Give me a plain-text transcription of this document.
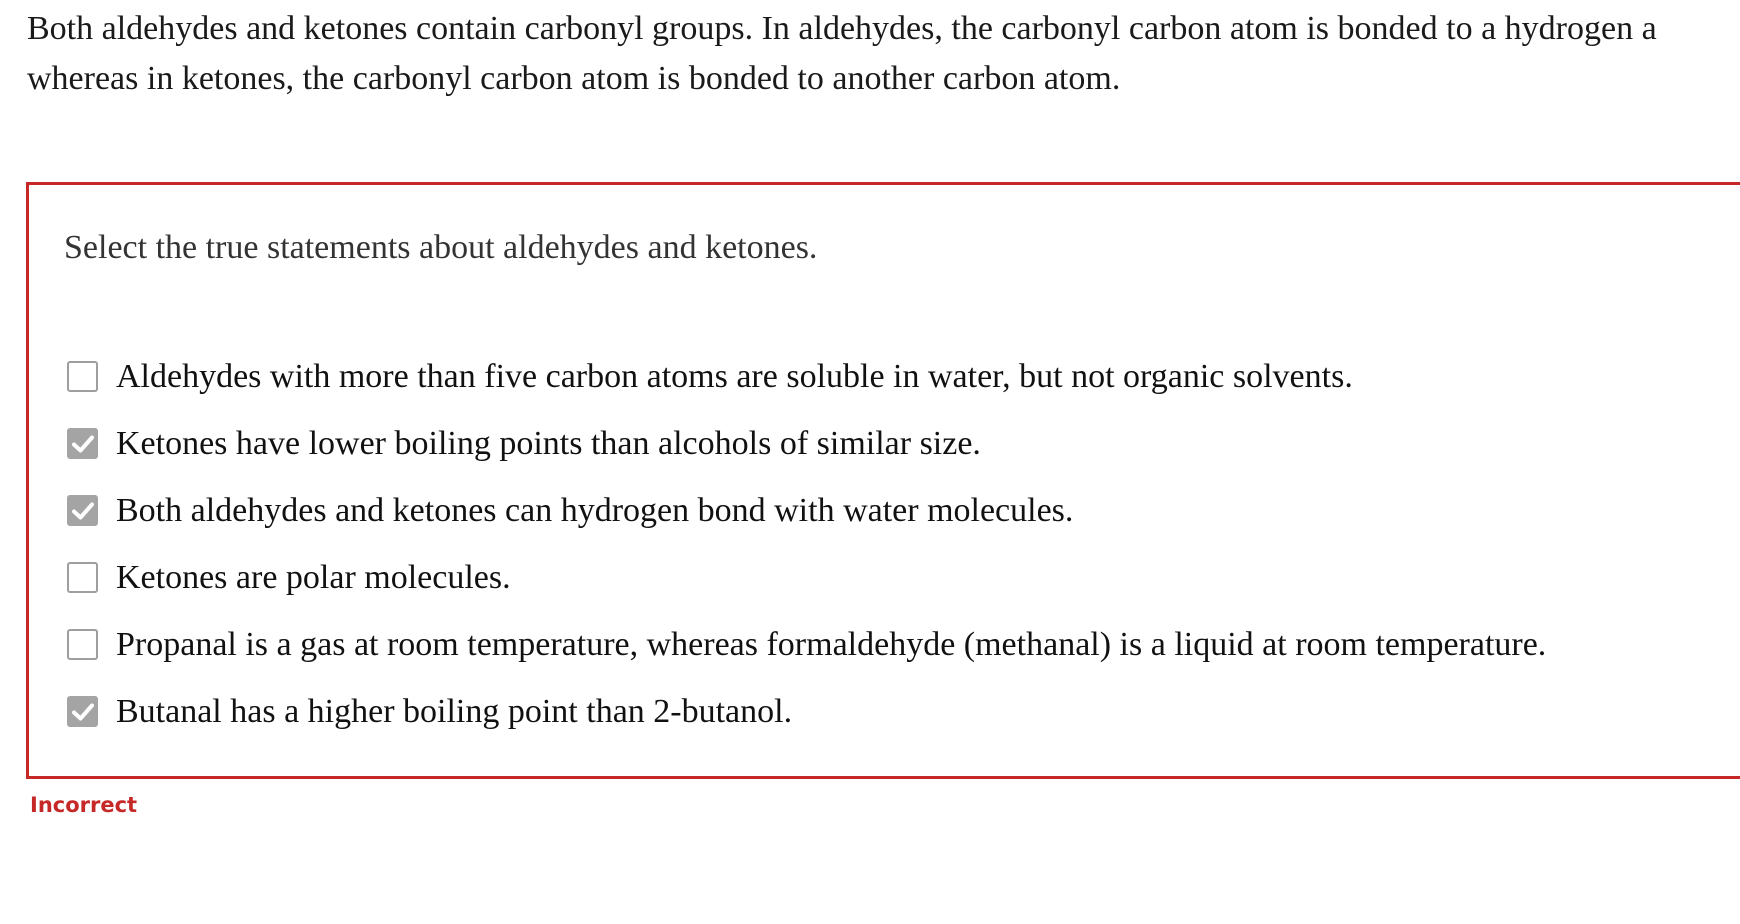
Both aldehydes and ketones contain carbonyl groups. In aldehydes, the carbonyl carbon atom is bonded to a hydrogen a
whereas in ketones, the carbonyl carbon atom is bonded to another carbon atom.

Select the true statements about aldehydes and ketones.

Aldehydes with more than five carbon atoms are soluble in water, but not organic solvents.
Ketones have lower boiling points than alcohols of similar size.
Both aldehydes and ketones can hydrogen bond with water molecules.
Ketones are polar molecules.
Propanal is a gas at room temperature, whereas formaldehyde (methanal) is a liquid at room temperature.
Butanal has a higher boiling point than 2-butanol.

Incorrect
